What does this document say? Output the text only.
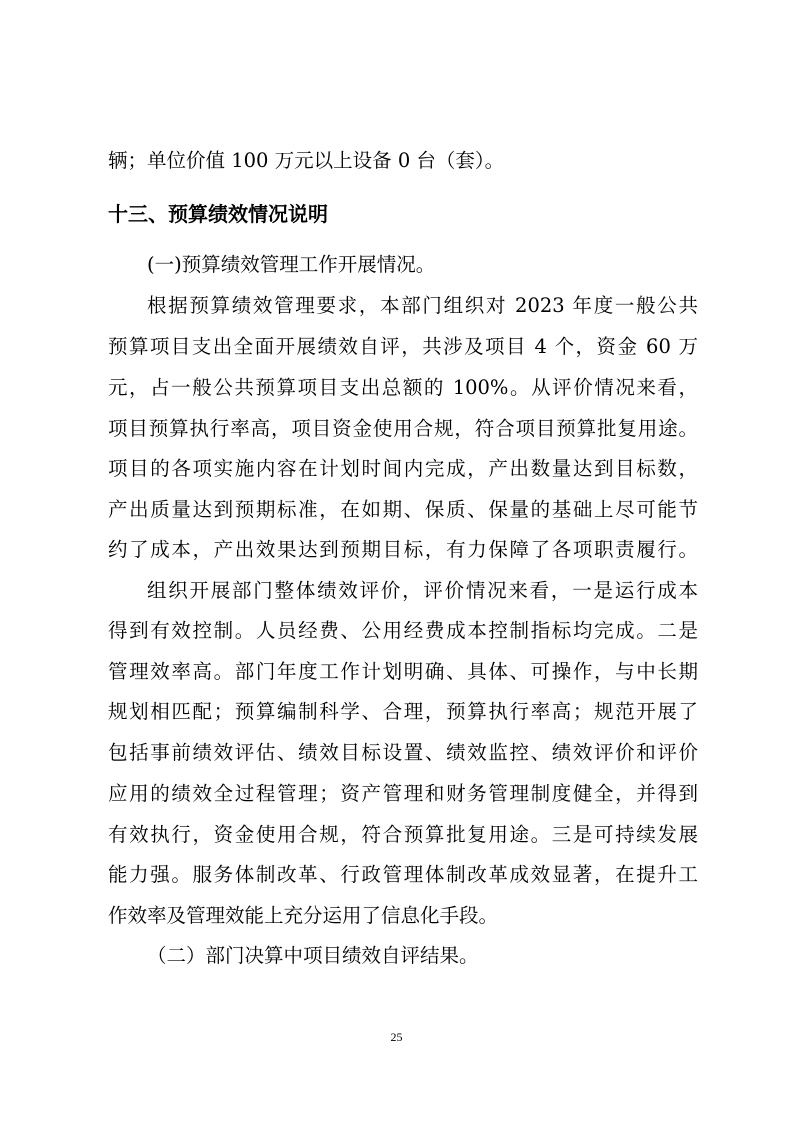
辆；单位价值 100 万元以上设备 0 台（套）。
十三、预算绩效情况说明
(一)预算绩效管理工作开展情况。
根据预算绩效管理要求，本部门组织对 2023 年度一般公共
预算项目支出全面开展绩效自评，共涉及项目 4 个，资金 60 万
元，占一般公共预算项目支出总额的 100%。从评价情况来看，
项目预算执行率高，项目资金使用合规，符合项目预算批复用途。
项目的各项实施内容在计划时间内完成，产出数量达到目标数，
产出质量达到预期标准，在如期、保质、保量的基础上尽可能节
约了成本，产出效果达到预期目标，有力保障了各项职责履行。
组织开展部门整体绩效评价，评价情况来看，一是运行成本
得到有效控制。人员经费、公用经费成本控制指标均完成。二是
管理效率高。部门年度工作计划明确、具体、可操作，与中长期
规划相匹配；预算编制科学、合理，预算执行率高；规范开展了
包括事前绩效评估、绩效目标设置、绩效监控、绩效评价和评价
应用的绩效全过程管理；资产管理和财务管理制度健全，并得到
有效执行，资金使用合规，符合预算批复用途。三是可持续发展
能力强。服务体制改革、行政管理体制改革成效显著，在提升工
作效率及管理效能上充分运用了信息化手段。
（二）部门决算中项目绩效自评结果。
25
